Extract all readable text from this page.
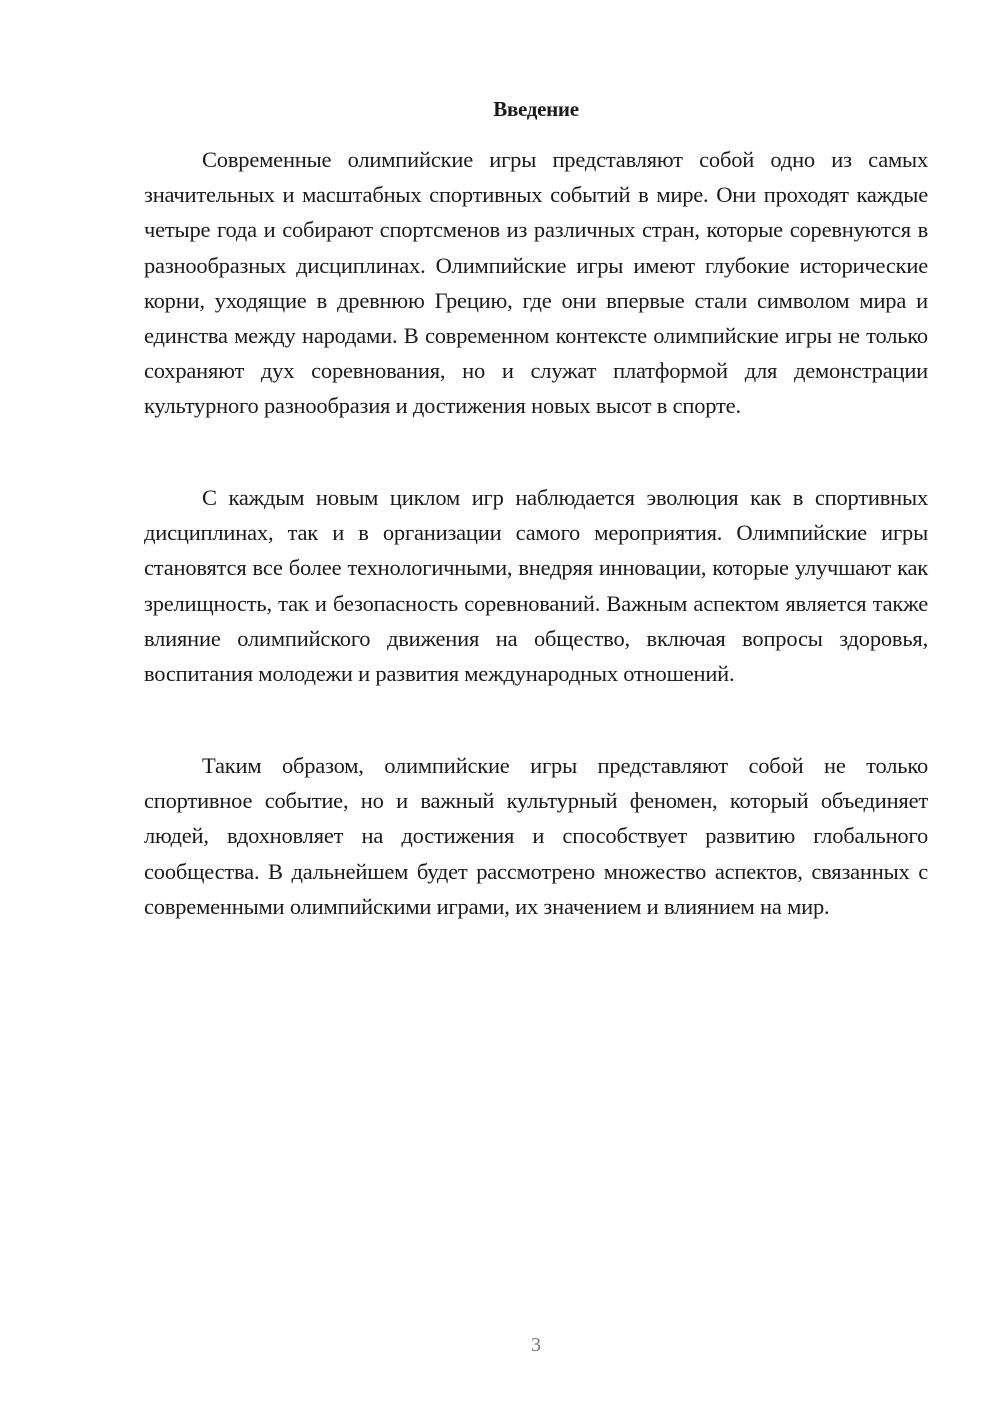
Введение

Современные олимпийские игры представляют собой одно из самых значительных и масштабных спортивных событий в мире. Они проходят каждые четыре года и собирают спортсменов из различных стран, которые соревнуются в разнообразных дисциплинах. Олимпийские игры имеют глубокие исторические корни, уходящие в древнюю Грецию, где они впервые стали символом мира и единства между народами. В современном контексте олимпийские игры не только сохраняют дух соревнования, но и служат платформой для демонстрации культурного разнообразия и достижения новых высот в спорте.

С каждым новым циклом игр наблюдается эволюция как в спортивных дисциплинах, так и в организации самого мероприятия. Олимпийские игры становятся все более технологичными, внедряя инновации, которые улучшают как зрелищность, так и безопасность соревнований. Важным аспектом является также влияние олимпийского движения на общество, включая вопросы здоровья, воспитания молодежи и развития международных отношений.

Таким образом, олимпийские игры представляют собой не только спортивное событие, но и важный культурный феномен, который объединяет людей, вдохновляет на достижения и способствует развитию глобального сообщества. В дальнейшем будет рассмотрено множество аспектов, связанных с современными олимпийскими играми, их значением и влиянием на мир.

3
